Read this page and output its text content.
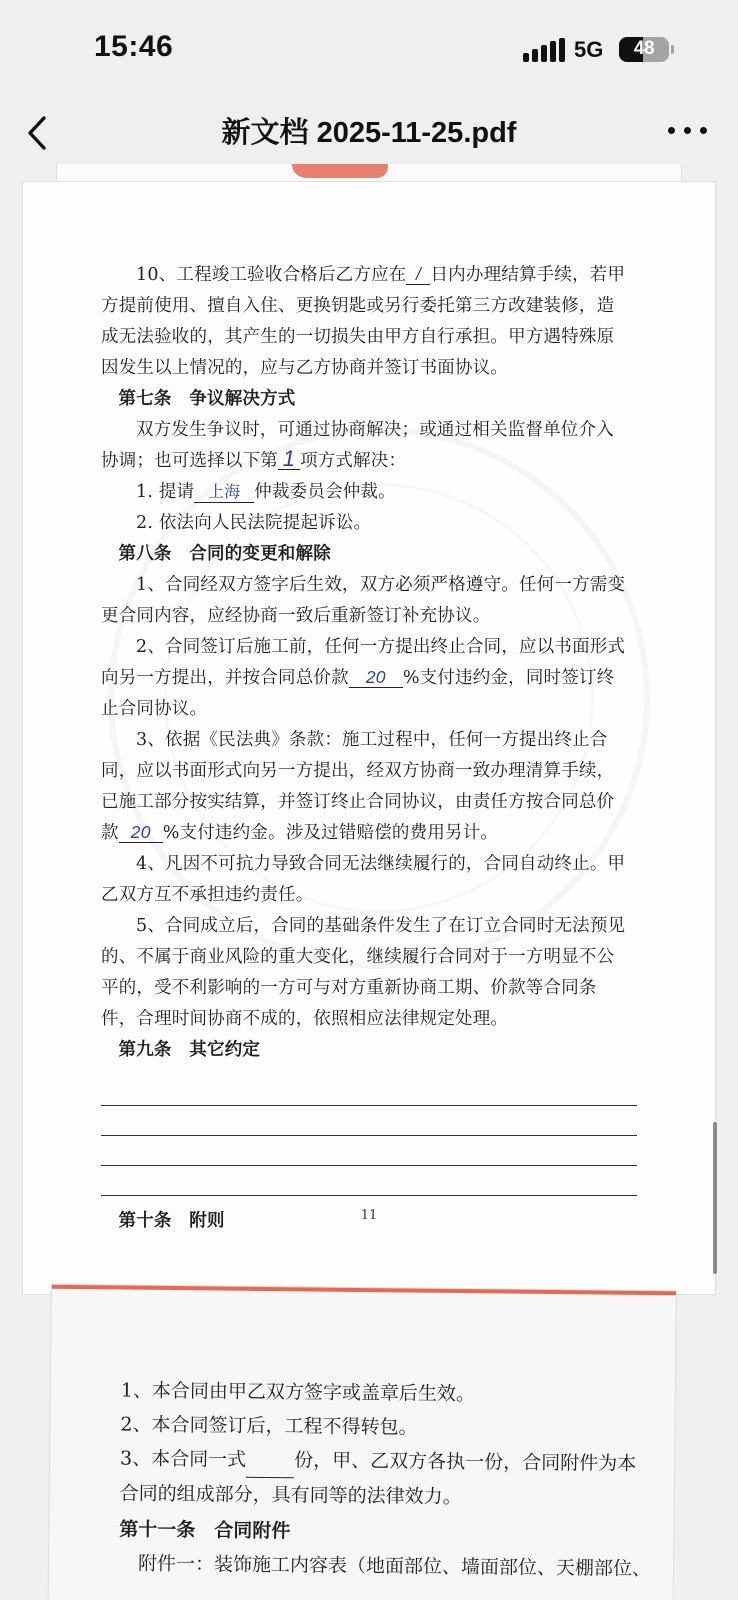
15:46	5G	48
新文档 2025-11-25.pdf

10、工程竣工验收合格后乙方应在 / 日内办理结算手续，若甲方提前使用、擅自入住、更换钥匙或另行委托第三方改建装修，造成无法验收的，其产生的一切损失由甲方自行承担。甲方遇特殊原因发生以上情况的，应与乙方协商并签订书面协议。

第七条　争议解决方式

双方发生争议时，可通过协商解决；或通过相关监督单位介入协调；也可选择以下第 1 项方式解决：

1. 提请 上海 仲裁委员会仲裁。

2. 依法向人民法院提起诉讼。

第八条　合同的变更和解除

1、合同经双方签字后生效，双方必须严格遵守。任何一方需变更合同内容，应经协商一致后重新签订补充协议。

2、合同签订后施工前，任何一方提出终止合同，应以书面形式向另一方提出，并按合同总价款 20 %支付违约金，同时签订终止合同协议。

3、依据《民法典》条款：施工过程中，任何一方提出终止合同，应以书面形式向另一方提出，经双方协商一致办理清算手续，已施工部分按实结算，并签订终止合同协议，由责任方按合同总价款 20 %支付违约金。涉及过错赔偿的费用另计。

4、凡因不可抗力导致合同无法继续履行的，合同自动终止。甲乙双方互不承担违约责任。

5、合同成立后，合同的基础条件发生了在订立合同时无法预见的、不属于商业风险的重大变化，继续履行合同对于一方明显不公平的，受不利影响的一方可与对方重新协商工期、价款等合同条件，合理时间协商不成的，依照相应法律规定处理。

第九条　其它约定

第十条　附则	11

1、本合同由甲乙双方签字或盖章后生效。

2、本合同签订后，工程不得转包。

3、本合同一式	份，甲、乙双方各执一份，合同附件为本合同的组成部分，具有同等的法律效力。

第十一条　合同附件

附件一：装饰施工内容表（地面部位、墙面部位、天棚部位、
